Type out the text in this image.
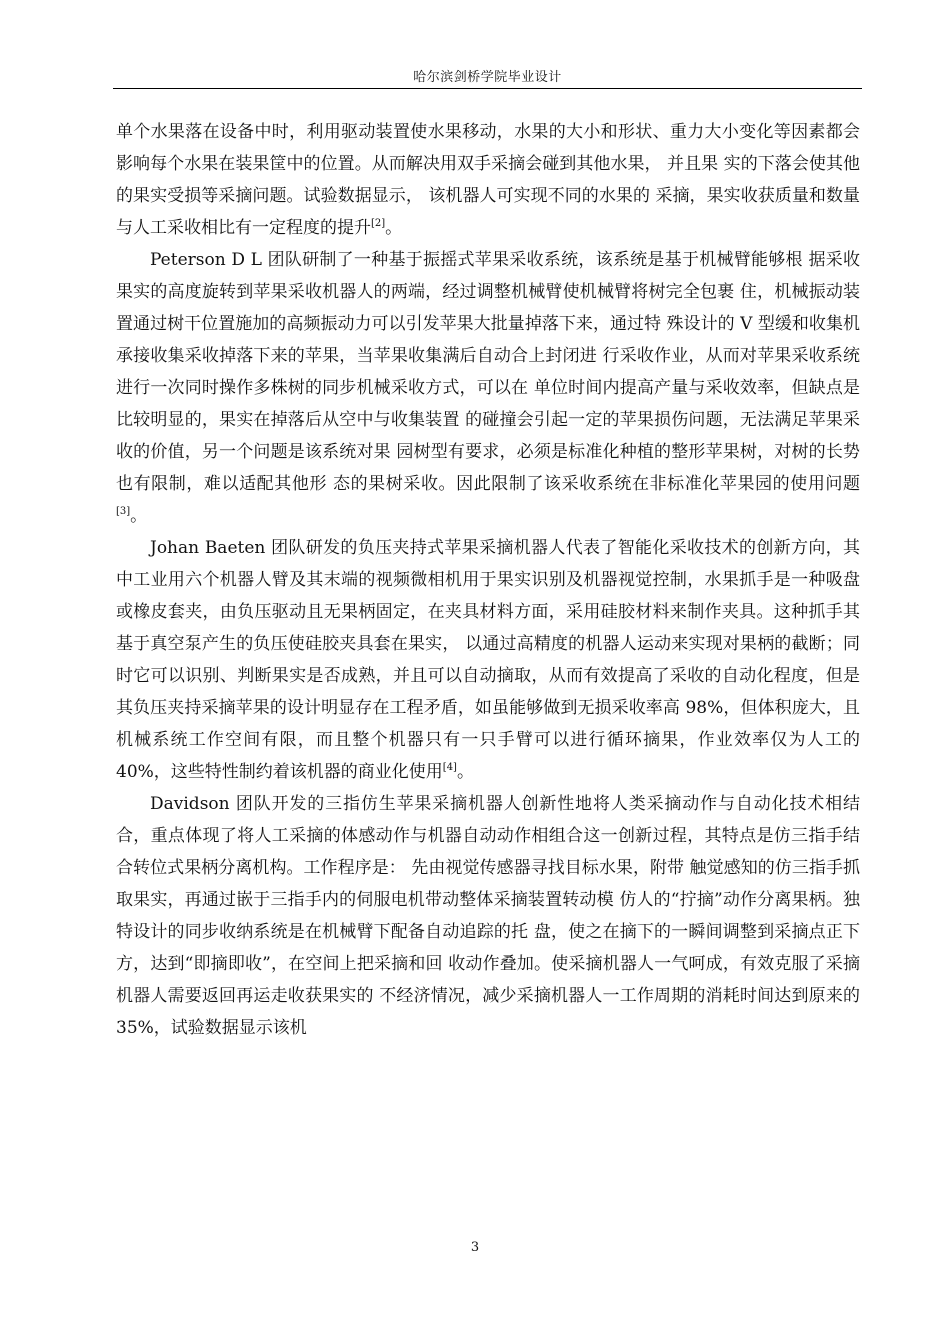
哈尔滨剑桥学院毕业设计

单个水果落在设备中时，利用驱动装置使水果移动，水果的大小和形状、重力大小变化等因素都会影响每个水果在装果筐中的位置。从而解决用双手采摘会碰到其他水果， 并且果 实的下落会使其他的果实受损等采摘问题。试验数据显示， 该机器人可实现不同的水果的 采摘，果实收获质量和数量与人工采收相比有一定程度的提升[2]。

Peterson D L 团队研制了一种基于振摇式苹果采收系统，该系统是基于机械臂能够根 据采收果实的高度旋转到苹果采收机器人的两端，经过调整机械臂使机械臂将树完全包裹 住，机械振动装置通过树干位置施加的高频振动力可以引发苹果大批量掉落下来，通过特 殊设计的 V 型缓和收集机承接收集采收掉落下来的苹果，当苹果收集满后自动合上封闭进 行采收作业，从而对苹果采收系统进行一次同时操作多株树的同步机械采收方式，可以在 单位时间内提高产量与采收效率，但缺点是比较明显的，果实在掉落后从空中与收集装置 的碰撞会引起一定的苹果损伤问题，无法满足苹果采收的价值，另一个问题是该系统对果 园树型有要求，必须是标准化种植的整形苹果树，对树的长势也有限制，难以适配其他形 态的果树采收。因此限制了该采收系统在非标准化苹果园的使用问题[3]。

Johan Baeten 团队研发的负压夹持式苹果采摘机器人代表了智能化采收技术的创新方向，其中工业用六个机器人臂及其末端的视频微相机用于果实识别及机器视觉控制，水果抓手是一种吸盘或橡皮套夹，由负压驱动且无果柄固定，在夹具材料方面，采用硅胶材料来制作夹具。这种抓手其基于真空泵产生的负压使硅胶夹具套在果实， 以通过高精度的机器人运动来实现对果柄的截断；同时它可以识别、判断果实是否成熟，并且可以自动摘取，从而有效提高了采收的自动化程度，但是其负压夹持采摘苹果的设计明显存在工程矛盾，如虽能够做到无损采收率高 98%，但体积庞大，且机械系统工作空间有限，而且整个机器只有一只手臂可以进行循环摘果，作业效率仅为人工的 40%，这些特性制约着该机器的商业化使用[4]。

Davidson 团队开发的三指仿生苹果采摘机器人创新性地将人类采摘动作与自动化技术相结合，重点体现了将人工采摘的体感动作与机器自动动作相组合这一创新过程，其特点是仿三指手结合转位式果柄分离机构。工作程序是： 先由视觉传感器寻找目标水果，附带 触觉感知的仿三指手抓取果实，再通过嵌于三指手内的伺服电机带动整体采摘装置转动模 仿人的“拧摘”动作分离果柄。独特设计的同步收纳系统是在机械臂下配备自动追踪的托 盘，使之在摘下的一瞬间调整到采摘点正下方，达到“即摘即收”，在空间上把采摘和回 收动作叠加。使采摘机器人一气呵成，有效克服了采摘机器人需要返回再运走收获果实的 不经济情况，减少采摘机器人一工作周期的消耗时间达到原来的 35%，试验数据显示该机

3
